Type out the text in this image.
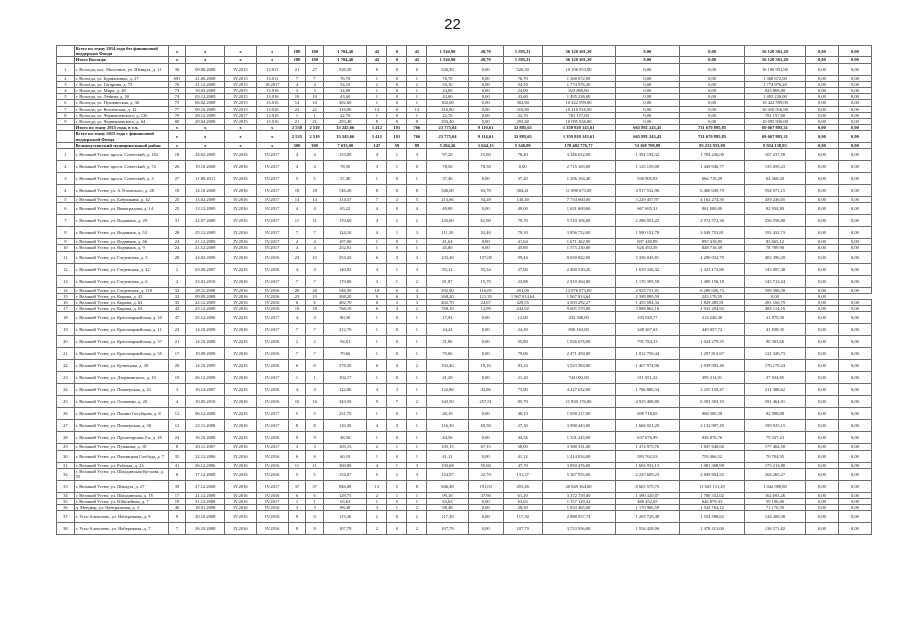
22
	Всего по этапу 2014 года без финансовой поддержки Фонда	x	x	x	x	180	180	1 704,40	42	0	41	1 536,90	49,70	1 585,21	56 120 301,20	0,00	0,00	56 120 301,20	0,00	0,00
	Итого Вологда:	x	x	x	x	180	180	1 704,40	42	0	41	1 536,90	49,70	1 585,21	56 120 301,20	0,00	0,00	56 120 301,20	0,00	0,00
1	г. Вологда, пос. Молочное, ул. Шмидта, д. 11	36	09.06.2008	IV.2015	13.611	21	27	526,30	8	8	0	526,30	0,00	526,30	10 196 953,90	0,00	0,00	10 196 953,90	0,00	0,00
2	г. Вологда, ул. Бурмагиных, д. 27	691	21.06.2008	IV.2015	13.011	7	7	76,70	1	0	1	76,70	0,00	76,70	1 368 672,00	0,00	0,00	1 368 672,00	0,00	0,00
3	г. Вологда, ул. Гагарина, д. 73	78	21.12.2009	IV.2015	18.2017	4	4	54,10	2	0	2	54,10	0,00	54,10	1 774 976,20	0,00	0,00	1 774 976,20	0,00	0,00
4	г. Вологда, ул. Мира, д. 28	73	18.03.2009	IV.2015	13.016	3	3	24,00	1	0	1	24,00	0,00	24,00	823 869,80	0,00	0,00	823 869,80	0,00	0,00
5	г. Вологда, ул. Ленина, д. 20	74	03.12.2009	IV.2015	13.016	18	19	43,60	1	0	1	43,60	0,00	43,60	1 495 226,00	0,00	0,00	1 495 226,00	0,00	0,00
6	г. Вологда, ул. Пушкинская, д. 36	75	06.02.2008	IV.2015	13.016	14	14	302,60	1	0	1	302,60	0,00	302,60	10 422 599,00	0,00	0,00	10 422 599,00	0,00	0,00
7	г. Вологда, ул. Козлёнская, д. 12	77	09.10.2009	IV.2015	13.016	22	22	316,80	14	0	14	316,80	0,00	316,80	10 416 916,90	0,00	0,00	10 416 916,90	0,00	0,00
8	г. Вологда, ул. Чернышевского, д. 126	79	28.12.2009	IV.2017	13.016	1	1	22,70	1	0	1	22,70	0,00	22,70	781 157,00	0,00	0,00	781 157,00	0,00	0,00
9	г. Вологда, ул. Чернышевского, д. 64	80	29.04.2008	IV.2015	13.016	21	21	293,40	8	0	8	293,40	0,00	293,40	10 095 936,00	0,00	0,00	10 095 936,00	0,00	0,00
	Итого по этапу 2015 года, в т.ч.	x	x	x	x	2 538	2 539	33 245,66	1 412	191	766	23 775,04	9 110,61	32 885,65	1 359 920 143,61	665 881 243,45	731 670 895,85	69 667 805,31	0,00	0,00
	Всего по этапу 2015 года с финансовой поддержкой Фонда	x	x	x	x	2 535	2 519	33 245,66	1 412	191	766	23 775,04	9 114,61	32 885,65	1 359 920 143,61	665 881 243,45	731 670 895,85	69 667 805,31	0,00	0,00
	Великоустюгский муниципальный район	x	x	x	x	300	300	7 633,00	147	59	88	5 294,26	1 644,13	5 346,09	178 482 776,77	74 168 708,88	95 212 933,09	8 924 138,83	0,00	0,00
1	г. Великий Устюг, просп. Советский, д. 102	18	24.02.2009	IV.2016	IV.2017	4	4	153,00	4	1	3	97,20	15,80	78,40	3 346 632,00	1 391 194,32	1 784 226,00	167 237,58	0,00	0,00
2	г. Великий Устюг, просп. Советский, д. 72	26	19.10.2008	IV.2016	IV.2017	4	4	78,50	3	1	0	78,50	78,50	0,00	2 715 165,00	1 125 159,08	1 449 946,77	135 059,23	0,00	0,00
3	г. Великий Устюг, просп. Советский, д. 3	27	11.09.2011	IV.2016	IV.2017	5	5	37,40	1	0	1	37,40	0,00	37,40	1 296 194,40	536 905,93	666 719,29	64 368,20	0,00	0,00
4	г. Великий Устюг, ул. А.Угловского, д. 28	18	14.10.2008	IV.2016	IV.2017	18	18	746,20	8	0	8	546,60	63,78	304,41	11 898 673,00	4 917 532,96	6 400 049,79	594 971,15	0,00	0,00
5	г. Великий Устюг, ул. Бабушкина, д. 42	25	13.02.2009	IV.2016	IV.2017	14	14	314,37	7	2	5	213,66	54,28	140,40	7 754 660,00	3 229 457,97	4 162 274,50	459 236,05	0,00	0,00
6	г. Великий Устюг, ул. Виноградова, д. 14	25	13.12.2009	IV.2016	IV.2017	4	4	65,22	4	0	4	49,00	0,00	49,00	1 631 600,60	667 695,31	861 000,00	82 934,80	0,00	0,00
7	г. Великий Устюг, ул. Водников, д. 29	31	22.07.2009	IV.2016	IV.2017	11	11	170,60	4	2	2	143,60	61,90	79,70	5 510 106,00	2 286 953,22	2 972 572,30	256 558,80	0,00	0,00
8	г. Великий Устюг, ул. Водников, д. 53	28	25.12.2009	IV.2016	IV.2017	7	7	124,10	4	1	3	111,50	32,40	79,10	3 856 732,00	1 590 152,78	2 049 753,81	191 432,73	0,00	0,00
9	г. Великий Устюг, ул. Водников, д. 66	24	21.12.2009	IV.2016	IV.2017	4	4	107,00	1	0	1	41,64	0,00	41,64	1 671 362,00	697 440,89	897 418,85	83 665,12	0,00	0,00
10	г. Великий Устюг, ул. Водников, д. 9	24	21.12.2009	IV.2016	IV.2017	4	4	252,81	1	0	1	45,80	0,00	45,80	1 575 230,00	626 492,39	848 716,39	78 789,90	0,00	0,00
11	г. Великий Устюг, ул. Гледенская, д. 5	28	24.02.2009	IV.2016	IV.2016	23	23	254,20	6	3	3	233,20	137,00	99,44	8 030 822,00	3 336 043,81	4 290 032,79	402 396,20	0,00	0,00
12	г. Великий Устюг, ул. Гледенская, д. 42	2	03.09.2007	IV.2016	IV.2016	4	4	140,82	4	1	3	83,12	55,34	27,60	2 460 530,20	1 019 336,32	1 323 172,80	143 007,48	0,00	0,00
13	г. Великий Устюг, ул. Гледенская, д. 6	2	23.03.2010	IV.2016	IV.2017	7	7	170,00	3	1	2	81,87	15,79	23,88	2 910 264,00	1 170 395,58	1 490 156,18	143 713,24	0,00	0,00
14	г. Великий Устюг, ул. Гледенская, д. 118	32	28.11.2008	IV.2016	IV.2016	20	20	546,50	10	6	4	292,90	116,05	451,00	12 876 873,00	4 925 721,81	6 280 026,73	599 396,38	0,00	0,00
15	г. Великий Устюг, ул. Кирова, д. 43	32	09.09.2008	IV.2016	IV.2016	23	23	268,20	9	6	3	268,20	111,35	1 967 814,64	1 967 814,64	2 399 889,59	243 178,59	0,00	0,00	
16	г. Великий Устюг, ул. Кирова, д. 62	35	22.12.2009	IV.2016	IV.2016	6	6	402,70	6	3	3	402,70	24,67	429,55	3 503 292,27	1 455 584,34	1 829 485,81	281 166,79	0,00	0,00
17	г. Великий Устюг, ул. Кирова, д. 63	42	25.12.2009	IV.2016	IV.2016	18	18	768,10	6	4	2	768,10	12,99	242,92	9 605 570,00	3 898 862,18	4 932 294,92	484 114,16	0,00	0,00
18	г. Великий Устюг, ул. Красноармейская, д. 10	47	25.12.2006	IV.2016	IV.2017	4	4	80,30	1	0	1	17,94	0,00	12,60	433 306,00	193 540,77	214 248,30	21 079,30	0,00	0,00
19	г. Великий Устюг, ул. Красноармейская, д. 11	22	14.10.2008	IV.2016	IV.2017	7	7	212,70	1	0	1	24,24	0,00	24,30	836 163,00	348 267,63	449 057,72	41 838,35	0,00	0,00
20	г. Великий Устюг, ул. Красноармейская, д. 57	21	14.10.2008	IV.2016	IV.2016	2	2	94,81	1	0	1	51,86	0,00	55,80	1 826 676,00	791 784,33	1 024 279,55	90 303,60	0,00	0,00
21	г. Великий Устюг, ул. Красноармейская, д. 55	17	19.09.2008	IV.2016	IV.2016	7	7	79,66	1	0	1	79,06	0,00	79,06	2 471 450,00	1 012 750,44	1 297 813,67	121 320,73	0,00	0,00
22	г. Великий Устюг, ул. Кузнецова, д. 30	20	14.10.2009	IV.2016	IV.2016	6	6	378,30	6	4	2	102,40	19,16	83,24	3 523 584,80	1 467 974,96	1 939 083,40	176 179,24	0,00	0,00
23	г. Великий Устюг, ул. Дзержинского, д. 10	19	26.12.2008	IV.2016	IV.2017	1	1	102,17	1	0	1	21,20	0,00	21,20	744 002,00	311 051,22	395 314,91	37 634,85	0,00	0,00
24	г. Великий Устюг, ул. Пионерская, д. 21	3	10.14.2007	IV.2016	IV.2016	4	4	122,86	4	3	1	122,86	43,86	73,90	4 227 632,00	1 766 806,34	2 255 159,47	211 386,62	0,00	0,00
25	г. Великий Устюг, ул. Осипенко, д. 20	4	10.05.2010	IV.2016	IV.2016	16	16	343,50	9	7	2	343,50	257,51	85,70	11 830 176,00	4 925 408,80	6 303 503,19	591 464,01	0,00	0,00
26	г. Великий Устюг, ул. Пашин Голубцова, д. 8	12	06.12.2008	IV.2016	IV.2017	5	5	231,70	1	0	1	40,19	0,00	40,19	1 658 217,00	690 718,65	868 500,38	82 908,88	0,00	0,00
27	г. Великий Устюг, ул. Пионерская, д. 30	12	22.11.2008	IV.2016	IV.2017	8	8	116,30	4	3	1	116,30	69,50	27,30	3 998 443,00	1 666 921,29	2 132 997,49	199 925,15	0,00	0,00
28	г. Великий Устюг, ул. Пролетарская 2-я, д. 18	24	16.10.2008	IV.2016	IV.2016	9	9	48,56	1	0	1	44,56	0,00	44,56	1 331 245,00	637 676,99	836 876,76	79 337,23	0,00	0,00
29	г. Великий Устюг, ул. Пушкина, д. 10	8	20.11.2007	IV.2016	IV.2017	3	3	105,15	2	1	1	105,15	67,15	38,00	3 580 331,00	1 474 975,76	1 847 640,68	177 464,58	0,00	0,00
30	г. Великий Устюг, ул. Пятницкая Слобода, д. 7	35	22.12.2006	IV.2016	IV.2016	6	6	60,10	1	0	1	41,12	0,00	41,12	1 414 934,00	583 762,53	759 466,52	70 704,95	0,00	0,00
31	г. Великий Устюг, ул. Рабочая, д. 24	41	26.12.2006	IV.2016	IV.2016	11	11	300,80	4	1	3	193,68	55,60	47,70	3 850 476,00	1 604 933,13	1 981 308,98	173 213,88	0,00	0,00
32	г. Великий Устюг, ул. Шилдинская-Кутлова, д. 55	8	17.12.2008	IV.2016	IV.2016	5	5	154,07	5	2	3	154,07	22,70	131,37	5 367 935,00	2 225 609,23	2 849 694,52	264 265,27	0,00	0,00
33	г. Великий Устюг, ул. Шмидта, д. 27	39	27.12.2008	IV.2016	IV.2017	37	37	846,88	13	5	8	646,48	191,03	455,46	20 849 364,00	8 605 575,75	11 025 131,45	1 042 988,80	0,00	0,00
34	г. Великий Устюг, ул. Шилдинская, д. 15	17	21.12.2009	IV.2016	IV.2016	6	6	129,75	2	1	1	99,10	37,90	61,20	3 372 739,00	1 390 320,07	1 780 332,02	162 693,26	0,00	0,00
35	г. Великий Устюг, ул. Юбилейная, д. 7	18	31.12.2008	IV.2016	IV.2017	1	1	63,63	1	0	1	63,63	0,00	63,63	1 157 129,32	486 452,65	626 879,43	59 196,40	0,00	0,00
36	д. Мендюр, ул. Центральная, д. 3	40	18.01.2008	IV.2016	IV.2016	3	3	88,48	3	1	2	88,48	0,00	28,30	1 833 465,00	1 170 960,59	1 542 764,12	71 176,59	0,00	0,00
37	г. Усть-Алексеево, ул. Набережная, д. 9	9	20.10.2008	IV.2016	IV.2016	9	9	113,36	2	0	2	117,30	0,00	117,30	2 888 037,74	1 203 729,48	1 554 588,62	144 400,38	0,00	0,00
38	г. Усть-Алексеево, ул. Набережная, д. 7	7	26.10.2008	IV.2016	IV.2016	8	8	107,79	2	0	2	107,79	0,00	107,79	3 723 936,00	1 554 428,06	1 478 413,00	136 571,82	0,00	0,00
